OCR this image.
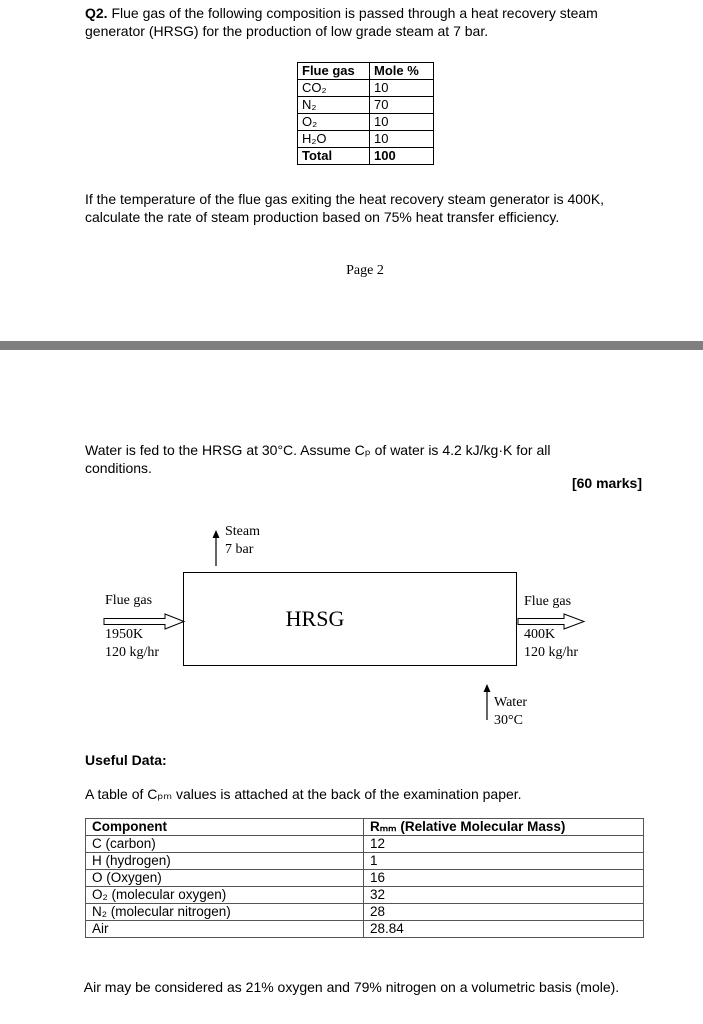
Q2. Flue gas of the following composition is passed through a heat recovery steam
generator (HRSG) for the production of low grade steam at 7 bar.
Flue gas	Mole %
CO₂	10
N₂	70
O₂	10
H₂O	10
Total	100
If the temperature of the flue gas exiting the heat recovery steam generator is 400K,
calculate the rate of steam production based on 75% heat transfer efficiency.
Page 2
Water is fed to the HRSG at 30°C. Assume Cₚ of water is 4.2 kJ/kg·K for all
conditions.
[60 marks]
HRSG
Steam
7 bar
Flue gas
1950K
120 kg/hr
Flue gas
400K
120 kg/hr
Water
30°C
Useful Data:
A table of Cₚₘ values is attached at the back of the examination paper.
Component	Rₘₘ (Relative Molecular Mass)
C (carbon)	12
H (hydrogen)	1
O (Oxygen)	16
O₂ (molecular oxygen)	32
N₂ (molecular nitrogen)	28
Air	28.84
Air may be considered as 21% oxygen and 79% nitrogen on a volumetric basis (mole).
